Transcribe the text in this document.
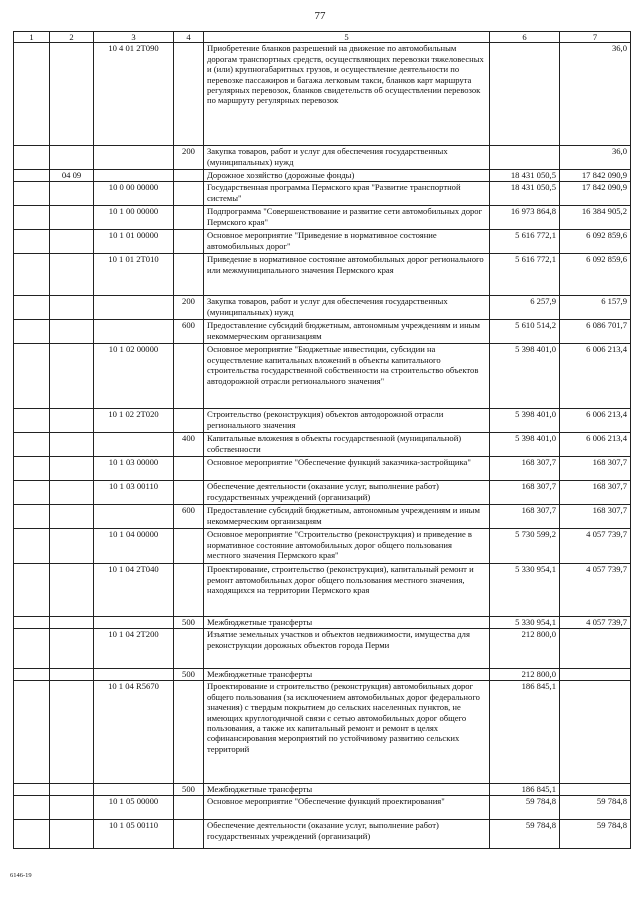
77
1	2	3	4	5	6	7
		10 4 01 2T090		Приобретение бланков разрешений на движение по автомобильным дорогам транспортных средств, осуществляющих перевозки тяжеловесных и (или) крупногабаритных грузов, и осуществление деятельности по перевозке пассажиров и багажа легковым такси, бланков карт маршрута регулярных перевозок, бланков свидетельств об осуществлении перевозок по маршруту регулярных перевозок		36,0
			200	Закупка товаров, работ и услуг для обеспечения государственных (муниципальных) нужд		36,0
	04 09			Дорожное хозяйство (дорожные фонды)	18 431 050,5	17 842 090,9
		10 0 00 00000		Государственная программа Пермского края "Развитие транспортной системы"	18 431 050,5	17 842 090,9
		10 1 00 00000		Подпрограмма "Совершенствование и развитие сети автомобильных дорог Пермского края"	16 973 864,8	16 384 905,2
		10 1 01 00000		Основное мероприятие "Приведение в нормативное состояние автомобильных дорог"	5 616 772,1	6 092 859,6
		10 1 01 2T010		Приведение в нормативное состояние автомобильных дорог регионального или межмуниципального значения Пермского края	5 616 772,1	6 092 859,6
			200	Закупка товаров, работ и услуг для обеспечения государственных (муниципальных) нужд	6 257,9	6 157,9
			600	Предоставление субсидий бюджетным, автономным учреждениям и иным некоммерческим организациям	5 610 514,2	6 086 701,7
		10 1 02 00000		Основное мероприятие "Бюджетные инвестиции, субсидии на осуществление капитальных вложений в объекты капитального строительства государственной собственности на строительство объектов автодорожной отрасли регионального значения"	5 398 401,0	6 006 213,4
		10 1 02 2T020		Строительство (реконструкция) объектов автодорожной отрасли регионального значения	5 398 401,0	6 006 213,4
			400	Капитальные вложения в объекты государственной (муниципальной) собственности	5 398 401,0	6 006 213,4
		10 1 03 00000		Основное мероприятие "Обеспечение функций заказчика-застройщика"	168 307,7	168 307,7
		10 1 03 00110		Обеспечение деятельности (оказание услуг, выполнение работ) государственных учреждений (организаций)	168 307,7	168 307,7
			600	Предоставление субсидий бюджетным, автономным учреждениям и иным некоммерческим организациям	168 307,7	168 307,7
		10 1 04 00000		Основное мероприятие "Строительство (реконструкция) и приведение в нормативное состояние автомобильных дорог общего пользования местного значения Пермского края"	5 730 599,2	4 057 739,7
		10 1 04 2T040		Проектирование, строительство (реконструкция), капитальный ремонт и ремонт автомобильных дорог общего пользования местного значения, находящихся на территории Пермского края	5 330 954,1	4 057 739,7
			500	Межбюджетные трансферты	5 330 954,1	4 057 739,7
		10 1 04 2T200		Изъятие земельных участков и объектов недвижимости, имущества для реконструкции дорожных объектов города Перми	212 800,0	
			500	Межбюджетные трансферты	212 800,0	
		10 1 04 R5670		Проектирование и строительство (реконструкция) автомобильных дорог общего пользования (за исключением автомобильных дорог федерального значения) с твердым покрытием до сельских населенных пунктов, не имеющих круглогодичной связи с сетью автомобильных дорог общего пользования, а также их капитальный ремонт и ремонт в целях софинансирования мероприятий по устойчивому развитию сельских территорий	186 845,1	
			500	Межбюджетные трансферты	186 845,1	
		10 1 05 00000		Основное мероприятие "Обеспечение функций проектирования"	59 784,8	59 784,8
		10 1 05 00110		Обеспечение деятельности (оказание услуг, выполнение работ) государственных учреждений (организаций)	59 784,8	59 784,8
6146-19
